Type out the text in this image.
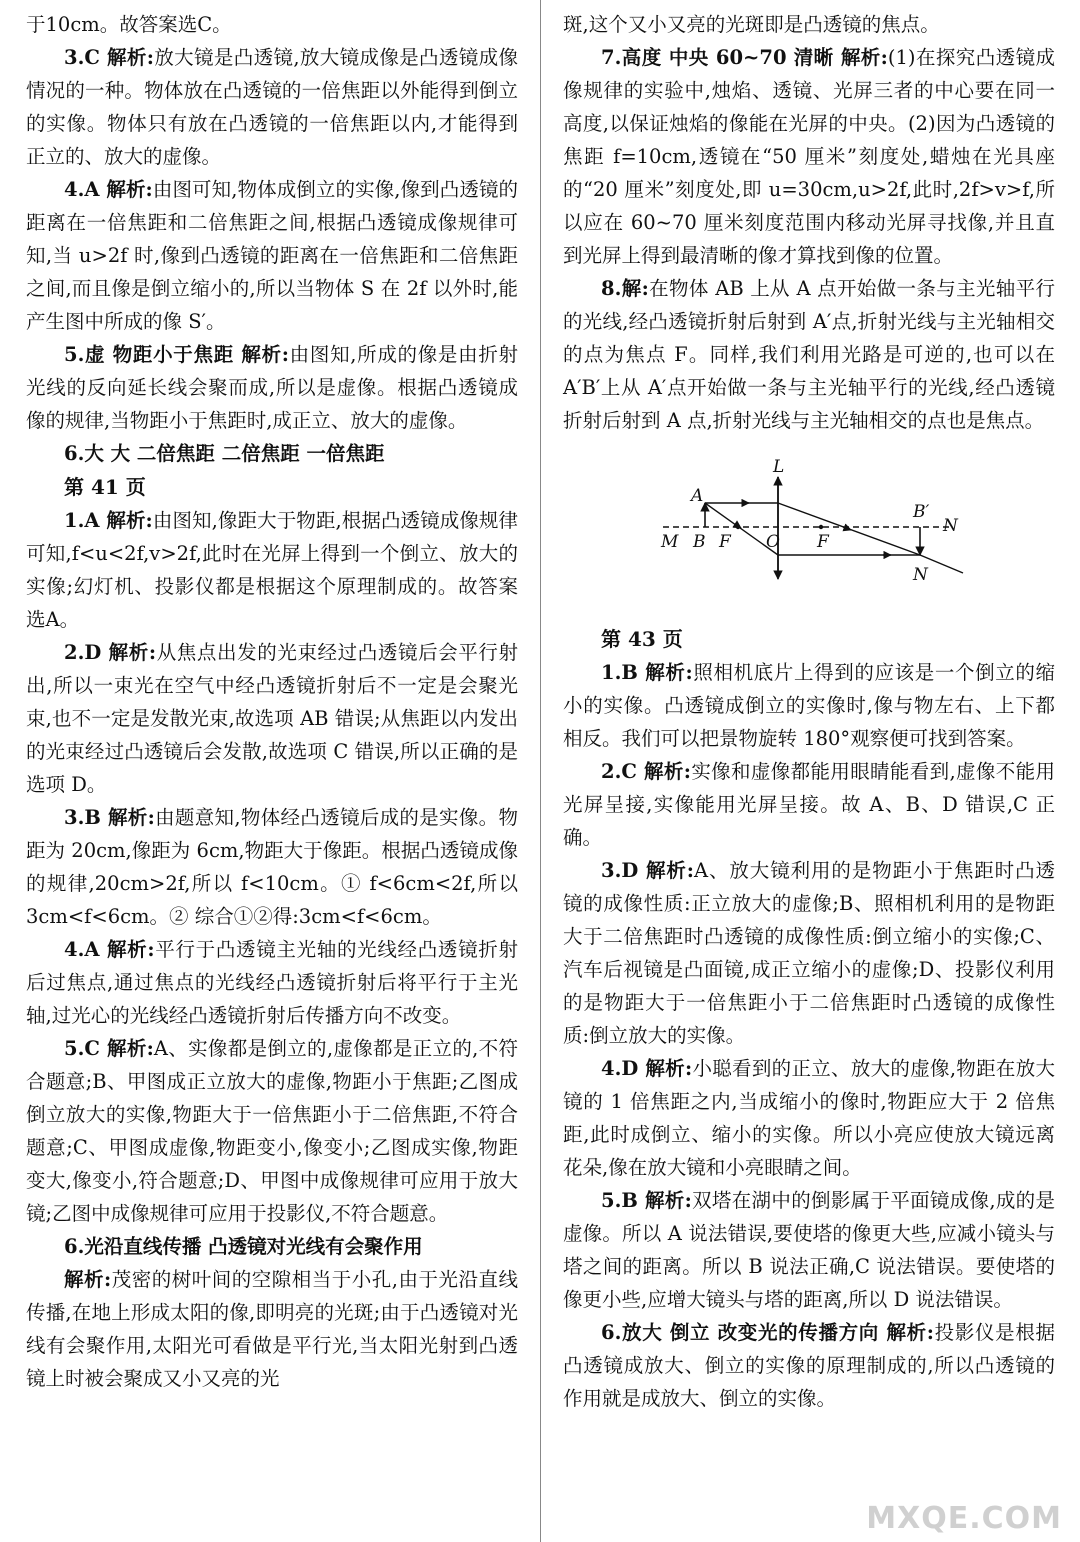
于10cm。故答案选C。

3.C 解析:放大镜是凸透镜,放大镜成像是凸透镜成像情况的一种。物体放在凸透镜的一倍焦距以外能得到倒立的实像。物体只有放在凸透镜的一倍焦距以内,才能得到正立的、放大的虚像。

4.A 解析:由图可知,物体成倒立的实像,像到凸透镜的距离在一倍焦距和二倍焦距之间,根据凸透镜成像规律可知,当 u>2f 时,像到凸透镜的距离在一倍焦距和二倍焦距之间,而且像是倒立缩小的,所以当物体 S 在 2f 以外时,能产生图中所成的像 S′。

5.虚 物距小于焦距 解析:由图知,所成的像是由折射光线的反向延长线会聚而成,所以是虚像。根据凸透镜成像的规律,当物距小于焦距时,成正立、放大的虚像。

6.大 大 二倍焦距 二倍焦距 一倍焦距

第 41 页

1.A 解析:由图知,像距大于物距,根据凸透镜成像规律可知,f<u<2f,v>2f,此时在光屏上得到一个倒立、放大的实像;幻灯机、投影仪都是根据这个原理制成的。故答案选A。

2.D 解析:从焦点出发的光束经过凸透镜后会平行射出,所以一束光在空气中经凸透镜折射后不一定是会聚光束,也不一定是发散光束,故选项 AB 错误;从焦距以内发出的光束经过凸透镜后会发散,故选项 C 错误,所以正确的是选项 D。

3.B 解析:由题意知,物体经凸透镜后成的是实像。物距为 20cm,像距为 6cm,物距大于像距。根据凸透镜成像的规律,20cm>2f,所以 f<10cm。① f<6cm<2f,所以 3cm<f<6cm。② 综合①②得:3cm<f<6cm。

4.A 解析:平行于凸透镜主光轴的光线经凸透镜折射后过焦点,通过焦点的光线经凸透镜折射后将平行于主光轴,过光心的光线经凸透镜折射后传播方向不改变。

5.C 解析:A、实像都是倒立的,虚像都是正立的,不符合题意;B、甲图成正立放大的虚像,物距小于焦距;乙图成倒立放大的实像,物距大于一倍焦距小于二倍焦距,不符合题意;C、甲图成虚像,物距变小,像变小;乙图成实像,物距变大,像变小,符合题意;D、甲图中成像规律可应用于放大镜;乙图中成像规律可应用于投影仪,不符合题意。

6.光沿直线传播 凸透镜对光线有会聚作用

解析:茂密的树叶间的空隙相当于小孔,由于光沿直线传播,在地上形成太阳的像,即明亮的光斑;由于凸透镜对光线有会聚作用,太阳光可看做是平行光,当太阳光射到凸透镜上时被会聚成又小又亮的光

斑,这个又小又亮的光斑即是凸透镜的焦点。

7.高度 中央 60~70 清晰 解析:(1)在探究凸透镜成像规律的实验中,烛焰、透镜、光屏三者的中心要在同一高度,以保证烛焰的像能在光屏的中央。(2)因为凸透镜的焦距 f=10cm,透镜在“50 厘米”刻度处,蜡烛在光具座的“20 厘米”刻度处,即 u=30cm,u>2f,此时,2f>v>f,所以应在 60~70 厘米刻度范围内移动光屏寻找像,并且直到光屏上得到最清晰的像才算找到像的位置。

8.解:在物体 AB 上从 A 点开始做一条与主光轴平行的光线,经凸透镜折射后射到 A′点,折射光线与主光轴相交的点为焦点 F。同样,我们利用光路是可逆的,也可以在 A′B′上从 A′点开始做一条与主光轴平行的光线,经凸透镜折射后射到 A 点,折射光线与主光轴相交的点也是焦点。

L
A
B
M F O F
B′
N
N

第 43 页

1.B 解析:照相机底片上得到的应该是一个倒立的缩小的实像。凸透镜成倒立的实像时,像与物左右、上下都相反。我们可以把景物旋转 180°观察便可找到答案。

2.C 解析:实像和虚像都能用眼睛能看到,虚像不能用光屏呈接,实像能用光屏呈接。故 A、B、D 错误,C 正确。

3.D 解析:A、放大镜利用的是物距小于焦距时凸透镜的成像性质:正立放大的虚像;B、照相机利用的是物距大于二倍焦距时凸透镜的成像性质:倒立缩小的实像;C、汽车后视镜是凸面镜,成正立缩小的虚像;D、投影仪利用的是物距大于一倍焦距小于二倍焦距时凸透镜的成像性质:倒立放大的实像。

4.D 解析:小聪看到的正立、放大的虚像,物距在放大镜的 1 倍焦距之内,当成缩小的像时,物距应大于 2 倍焦距,此时成倒立、缩小的实像。所以小亮应使放大镜远离花朵,像在放大镜和小亮眼睛之间。

5.B 解析:双塔在湖中的倒影属于平面镜成像,成的是虚像。所以 A 说法错误,要使塔的像更大些,应减小镜头与塔之间的距离。所以 B 说法正确,C 说法错误。要使塔的像更小些,应增大镜头与塔的距离,所以 D 说法错误。

6.放大 倒立 改变光的传播方向 解析:投影仪是根据凸透镜成放大、倒立的实像的原理制成的,所以凸透镜的作用就是成放大、倒立的实像。

MXQE.COM
